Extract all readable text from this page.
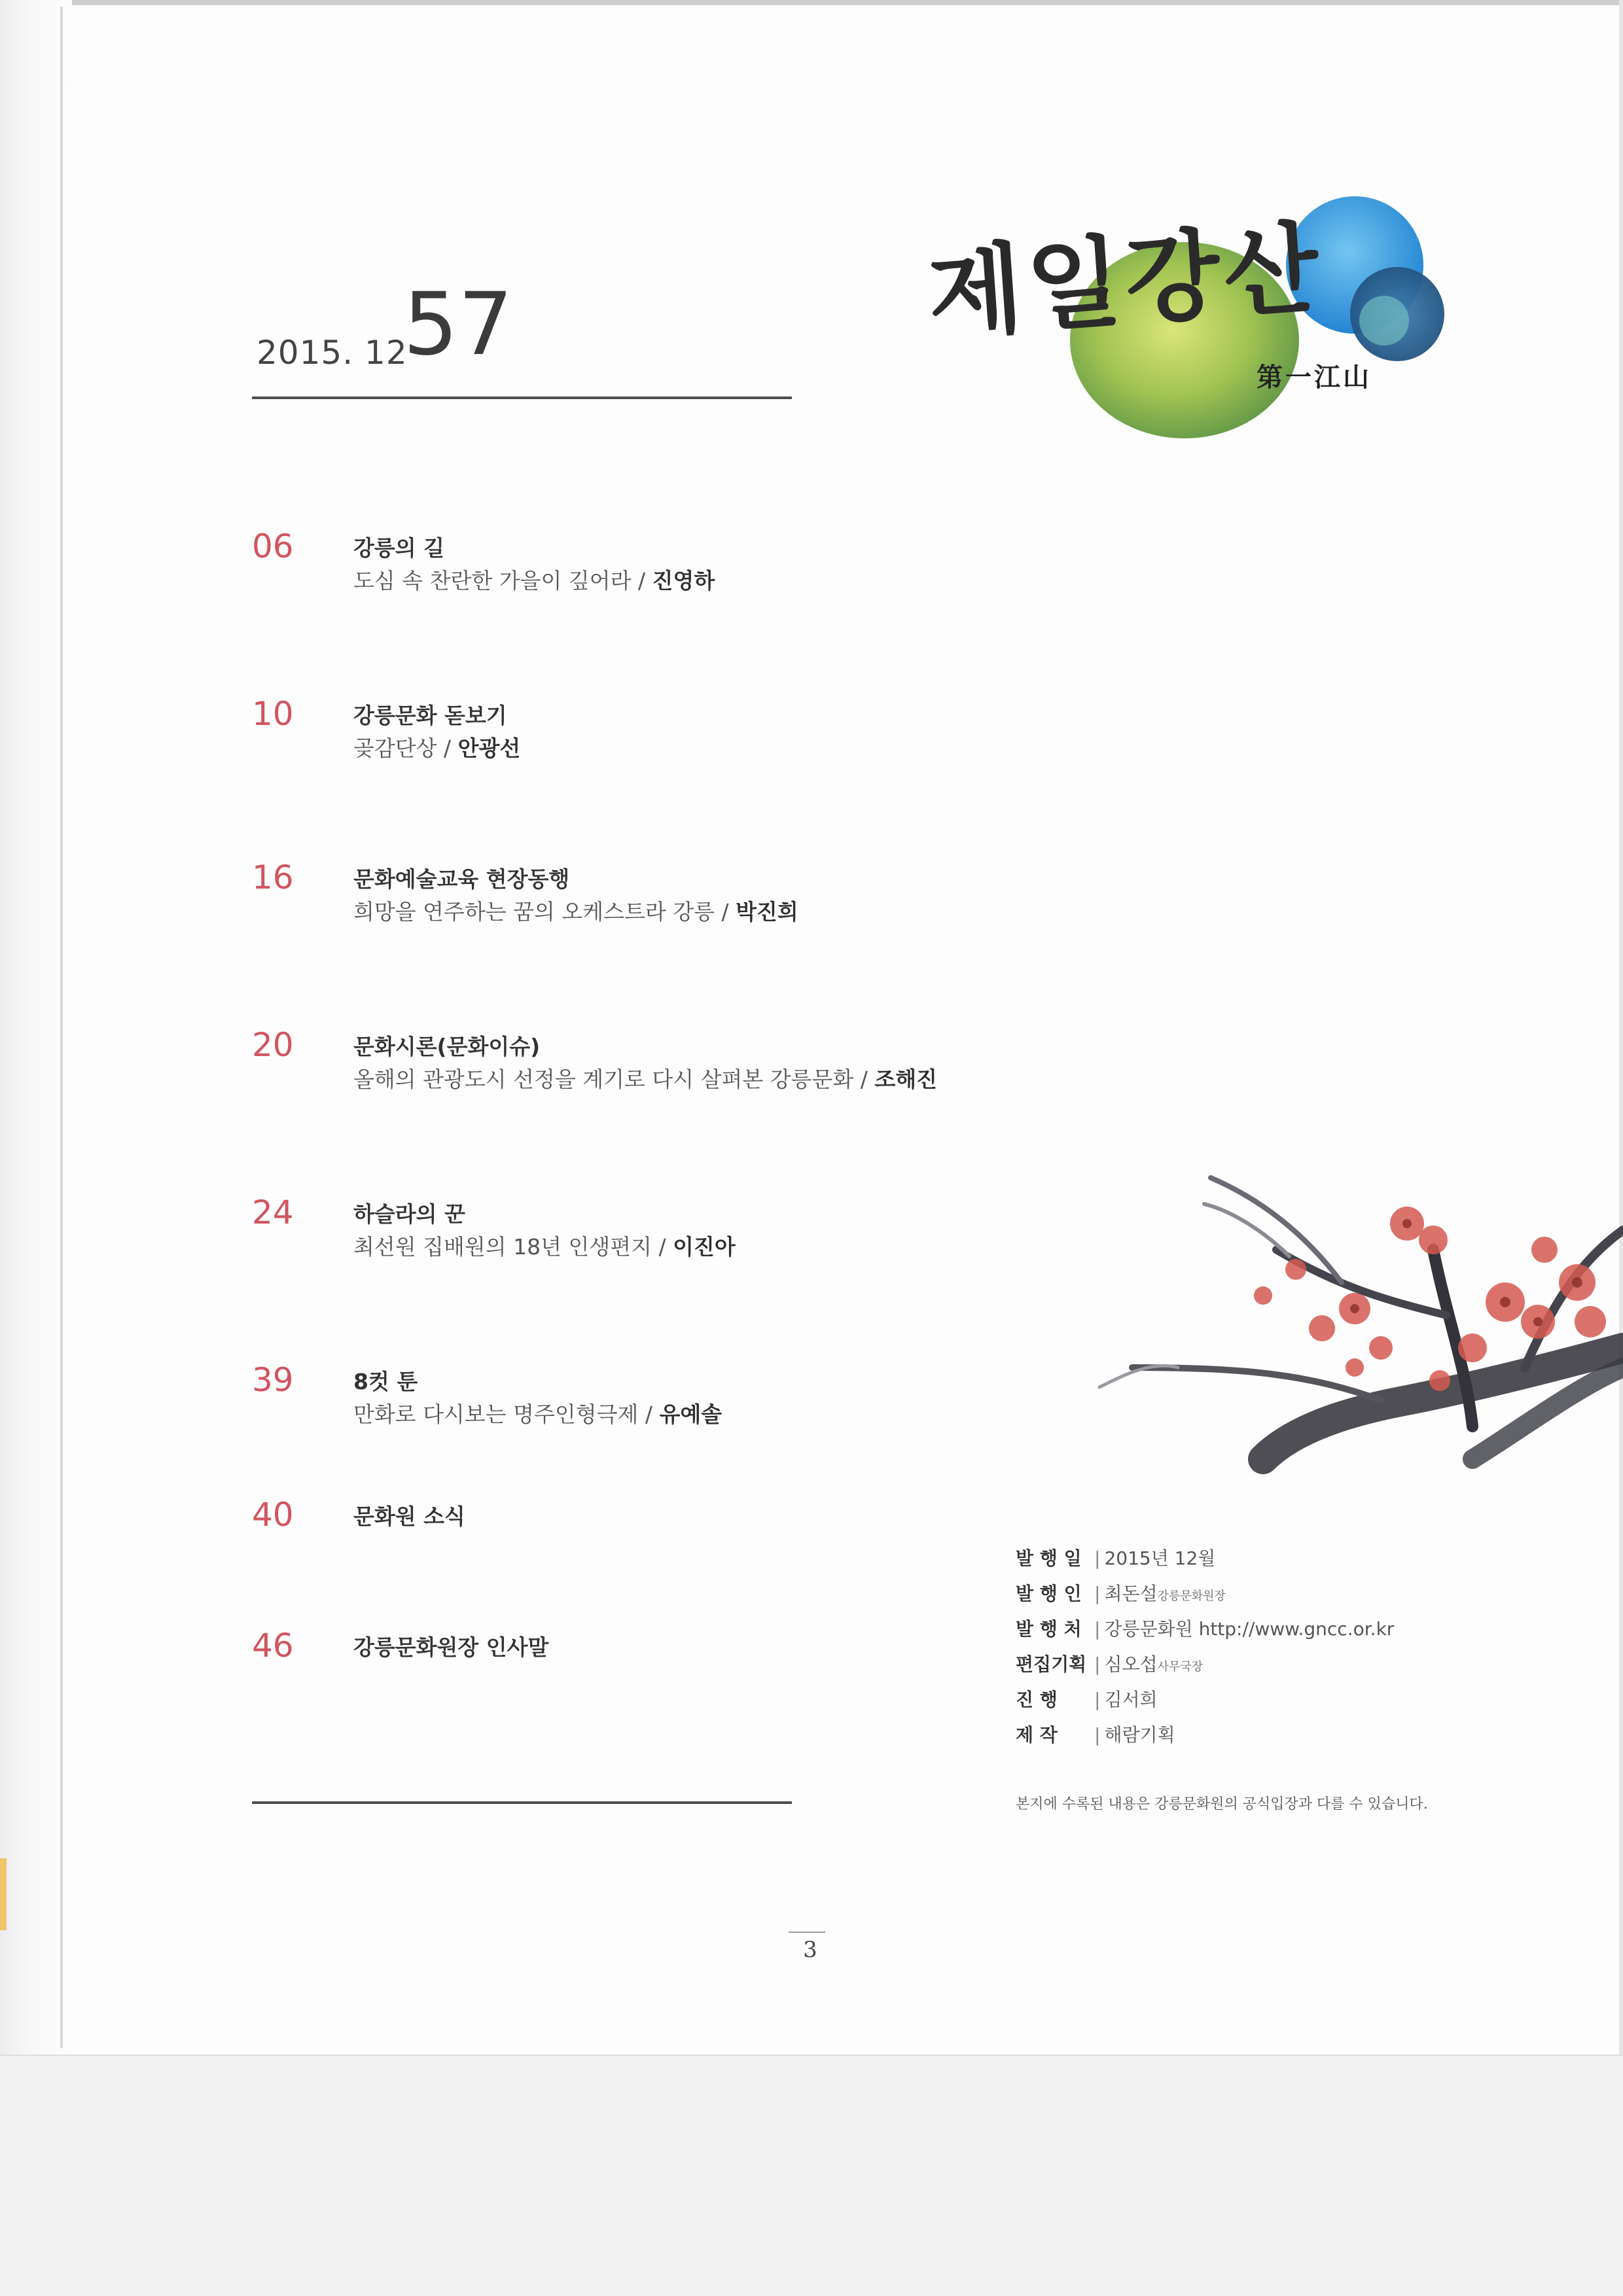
2015. 12
57	제일강산
第一江山
06	강릉의 길
도심 속 찬란한 가을이 깊어라 / 진영하
10	강릉문화 돋보기
곶감단상 / 안광선
16	문화예술교육 현장동행
희망을 연주하는 꿈의 오케스트라 강릉 / 박진희
20	문화시론(문화이슈)
올해의 관광도시 선정을 계기로 다시 살펴본 강릉문화 / 조해진
24	하슬라의 꾼
최선원 집배원의 18년 인생편지 / 이진아
39	8컷 툰
만화로 다시보는 명주인형극제 / 유예솔
40	문화원 소식
46	강릉문화원장 인사말
발 행 일 | 2015년 12월
발 행 인 | 최돈설강릉문화원장
발 행 처 | 강릉문화원 http://www.gncc.or.kr
편집기획 | 심오섭사무국장
진 행 | 김서희
제 작 | 해람기획
본지에 수록된 내용은 강릉문화원의 공식입장과 다를 수 있습니다.
3
